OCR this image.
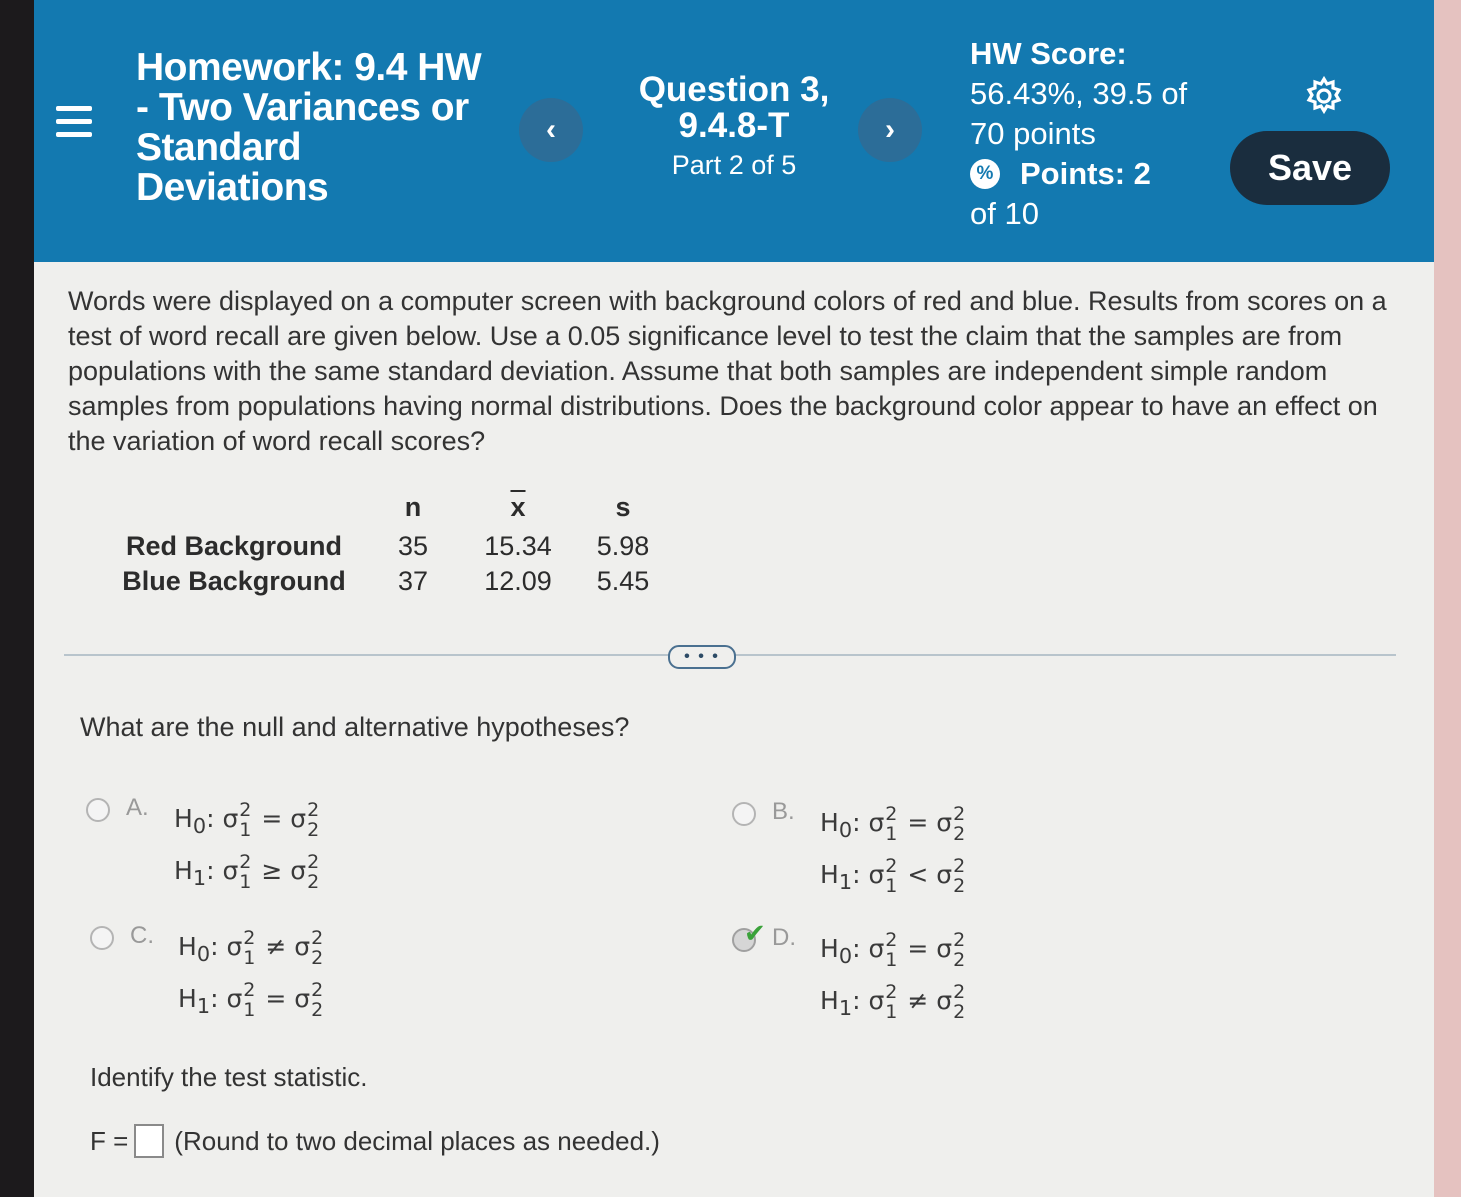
Homework: 9.4 HW - Two Variances or Standard Deviations
‹
Question 3, 9.4.8-T
Part 2 of 5
›
HW Score:
56.43%, 39.5 of 70 points
% Points: 2
of 10
Save
Words were displayed on a computer screen with background colors of red and blue. Results from scores on a test of word recall are given below. Use a 0.05 significance level to test the claim that the samples are from populations with the same standard deviation. Assume that both samples are independent simple random samples from populations having normal distributions. Does the background color appear to have an effect on the variation of word recall scores?
	n	$\overline{x}$	s
Red Background	35	15.34	5.98
Blue Background	37	12.09	5.45
• • •
What are the null and alternative hypotheses?
A. $H_0$: σ 2
1 = σ 2
2
$H_1$: σ 2
1 ≥ σ 2
2
B. $H_0$: σ 2
1 = σ 2
2
$H_1$: σ 2
1 < σ 2
2
C. $H_0$: σ 2
1 ≠ σ 2
2
$H_1$: σ 2
1 = σ 2
2
✔ D. $H_0$: σ 2
1 = σ 2
2
$H_1$: σ 2
1 ≠ σ 2
2
Identify the test statistic.
F = (Round to two decimal places as needed.)
